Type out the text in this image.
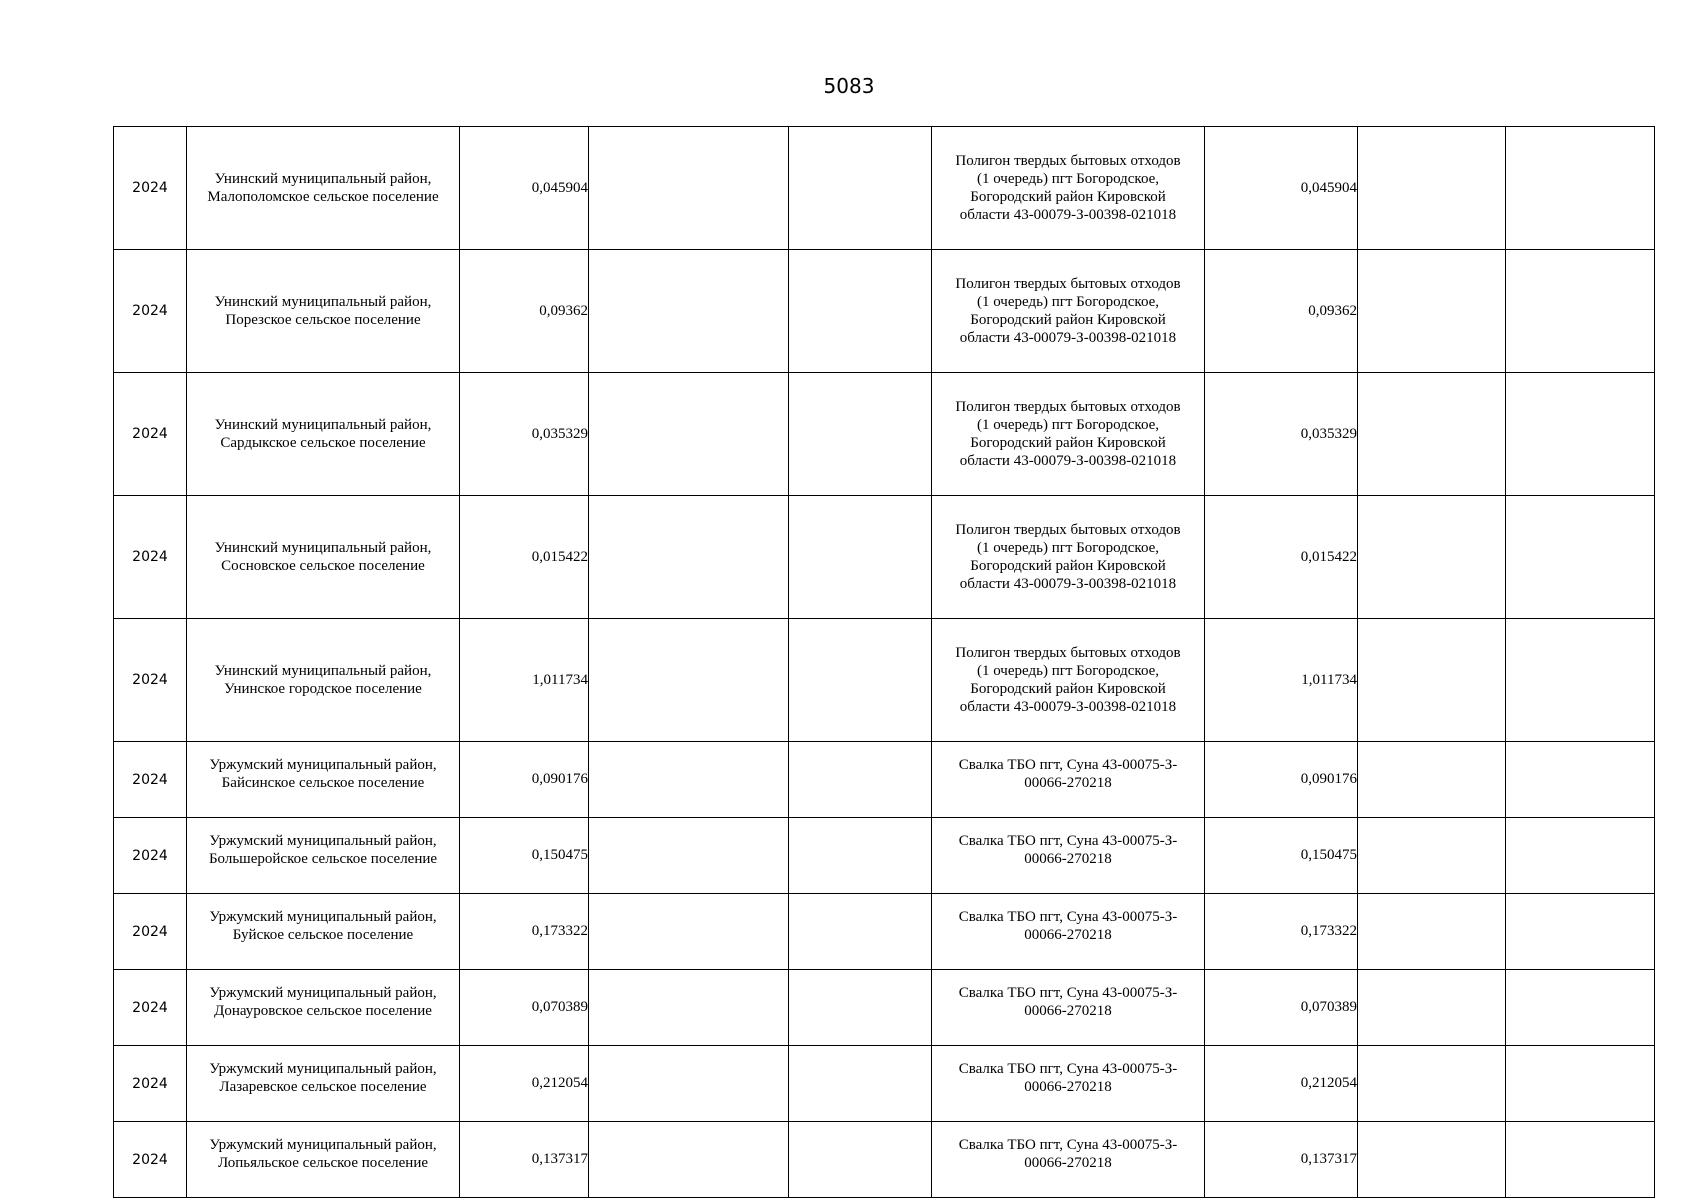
5083
2024	Унинский муниципальный район,
Малополомское сельское поселение	0,045904			Полигон твердых бытовых отходов
(1 очередь) пгт Богородское,
Богородский район Кировской
области 43-00079-З-00398-021018	0,045904		
2024	Унинский муниципальный район,
Порезское сельское поселение	0,09362			Полигон твердых бытовых отходов
(1 очередь) пгт Богородское,
Богородский район Кировской
области 43-00079-З-00398-021018	0,09362		
2024	Унинский муниципальный район,
Сардыкское сельское поселение	0,035329			Полигон твердых бытовых отходов
(1 очередь) пгт Богородское,
Богородский район Кировской
области 43-00079-З-00398-021018	0,035329		
2024	Унинский муниципальный район,
Сосновское сельское поселение	0,015422			Полигон твердых бытовых отходов
(1 очередь) пгт Богородское,
Богородский район Кировской
области 43-00079-З-00398-021018	0,015422		
2024	Унинский муниципальный район,
Унинское городское поселение	1,011734			Полигон твердых бытовых отходов
(1 очередь) пгт Богородское,
Богородский район Кировской
области 43-00079-З-00398-021018	1,011734		
2024	Уржумский муниципальный район,
Байсинское сельское поселение	0,090176			Свалка ТБО пгт, Суна 43-00075-З-
00066-270218	0,090176		
2024	Уржумский муниципальный район,
Большеройское сельское поселение	0,150475			Свалка ТБО пгт, Суна 43-00075-З-
00066-270218	0,150475		
2024	Уржумский муниципальный район,
Буйское сельское поселение	0,173322			Свалка ТБО пгт, Суна 43-00075-З-
00066-270218	0,173322		
2024	Уржумский муниципальный район,
Донауровское сельское поселение	0,070389			Свалка ТБО пгт, Суна 43-00075-З-
00066-270218	0,070389		
2024	Уржумский муниципальный район,
Лазаревское сельское поселение	0,212054			Свалка ТБО пгт, Суна 43-00075-З-
00066-270218	0,212054		
2024	Уржумский муниципальный район,
Лопьяльское сельское поселение	0,137317			Свалка ТБО пгт, Суна 43-00075-З-
00066-270218	0,137317		
